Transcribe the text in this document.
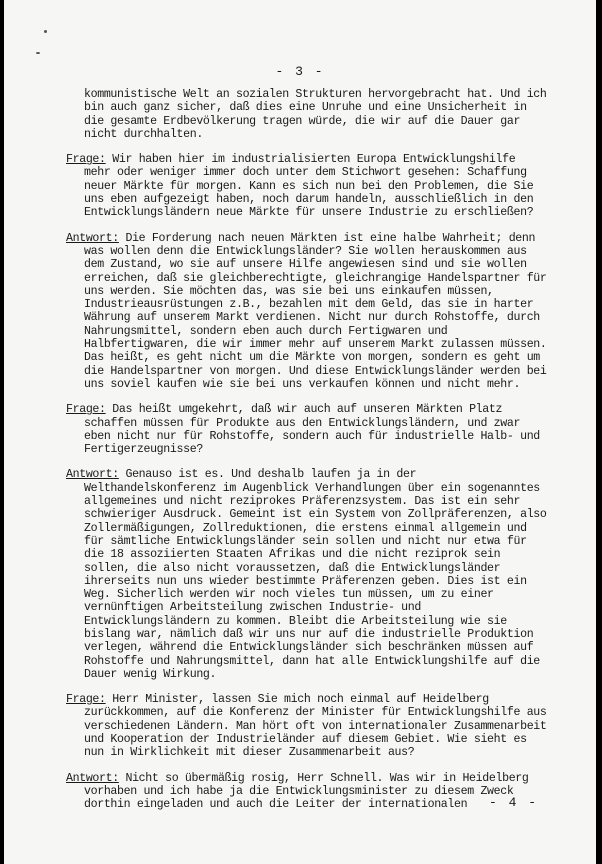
- 3 -

kommunistische Welt an sozialen Strukturen hervorgebracht hat. Und ich bin auch ganz sicher, daß dies eine Unruhe und eine Unsicherheit in die gesamte Erdbevölkerung tragen würde, die wir auf die Dauer gar nicht durchhalten.

Frage: Wir haben hier im industrialisierten Europa Entwicklungshilfe mehr oder weniger immer doch unter dem Stichwort gesehen: Schaffung neuer Märkte für morgen. Kann es sich nun bei den Problemen, die Sie uns eben aufgezeigt haben, noch darum handeln, ausschließlich in den Entwicklungsländern neue Märkte für unsere Industrie zu erschließen?

Antwort: Die Forderung nach neuen Märkten ist eine halbe Wahrheit; denn was wollen denn die Entwicklungsländer? Sie wollen herauskommen aus dem Zustand, wo sie auf unsere Hilfe angewiesen sind und sie wollen erreichen, daß sie gleichberechtigte, gleichrangige Handelspartner für uns werden. Sie möchten das, was sie bei uns einkaufen müssen, Industrieausrüstungen z.B., bezahlen mit dem Geld, das sie in harter Währung auf unserem Markt verdienen. Nicht nur durch Rohstoffe, durch Nahrungsmittel, sondern eben auch durch Fertigwaren und Halbfertigwaren, die wir immer mehr auf unserem Markt zulassen müssen. Das heißt, es geht nicht um die Märkte von morgen, sondern es geht um die Handelspartner von morgen. Und diese Entwicklungsländer werden bei uns soviel kaufen wie sie bei uns verkaufen können und nicht mehr.

Frage: Das heißt umgekehrt, daß wir auch auf unseren Märkten Platz schaffen müssen für Produkte aus den Entwicklungsländern, und zwar eben nicht nur für Rohstoffe, sondern auch für industrielle Halb- und Fertigerzeugnisse?

Antwort: Genauso ist es. Und deshalb laufen ja in der Welthandelskonferenz im Augenblick Verhandlungen über ein sogenanntes allgemeines und nicht reziprokes Präferenzsystem. Das ist ein sehr schwieriger Ausdruck. Gemeint ist ein System von Zollpräferenzen, also Zollermäßigungen, Zollreduktionen, die erstens einmal allgemein und für sämtliche Entwicklungsländer sein sollen und nicht nur etwa für die 18 assoziierten Staaten Afrikas und die nicht reziprok sein sollen, die also nicht voraussetzen, daß die Entwicklungsländer ihrerseits nun uns wieder bestimmte Präferenzen geben. Dies ist ein Weg. Sicherlich werden wir noch vieles tun müssen, um zu einer vernünftigen Arbeitsteilung zwischen Industrie- und Entwicklungsländern zu kommen. Bleibt die Arbeitsteilung wie sie bislang war, nämlich daß wir uns nur auf die industrielle Produktion verlegen, während die Entwicklungsländer sich beschränken müssen auf Rohstoffe und Nahrungsmittel, dann hat alle Entwicklungshilfe auf die Dauer wenig Wirkung.

Frage: Herr Minister, lassen Sie mich noch einmal auf Heidelberg zurückkommen, auf die Konferenz der Minister für Entwicklungshilfe aus verschiedenen Ländern. Man hört oft von internationaler Zusammenarbeit und Kooperation der Industrieländer auf diesem Gebiet. Wie sieht es nun in Wirklichkeit mit dieser Zusammenarbeit aus?

Antwort: Nicht so übermäßig rosig, Herr Schnell. Was wir in Heidelberg vorhaben und ich habe ja die Entwicklungsminister zu diesem Zweck dorthin eingeladen und auch die Leiter der internationalen	- 4 -
